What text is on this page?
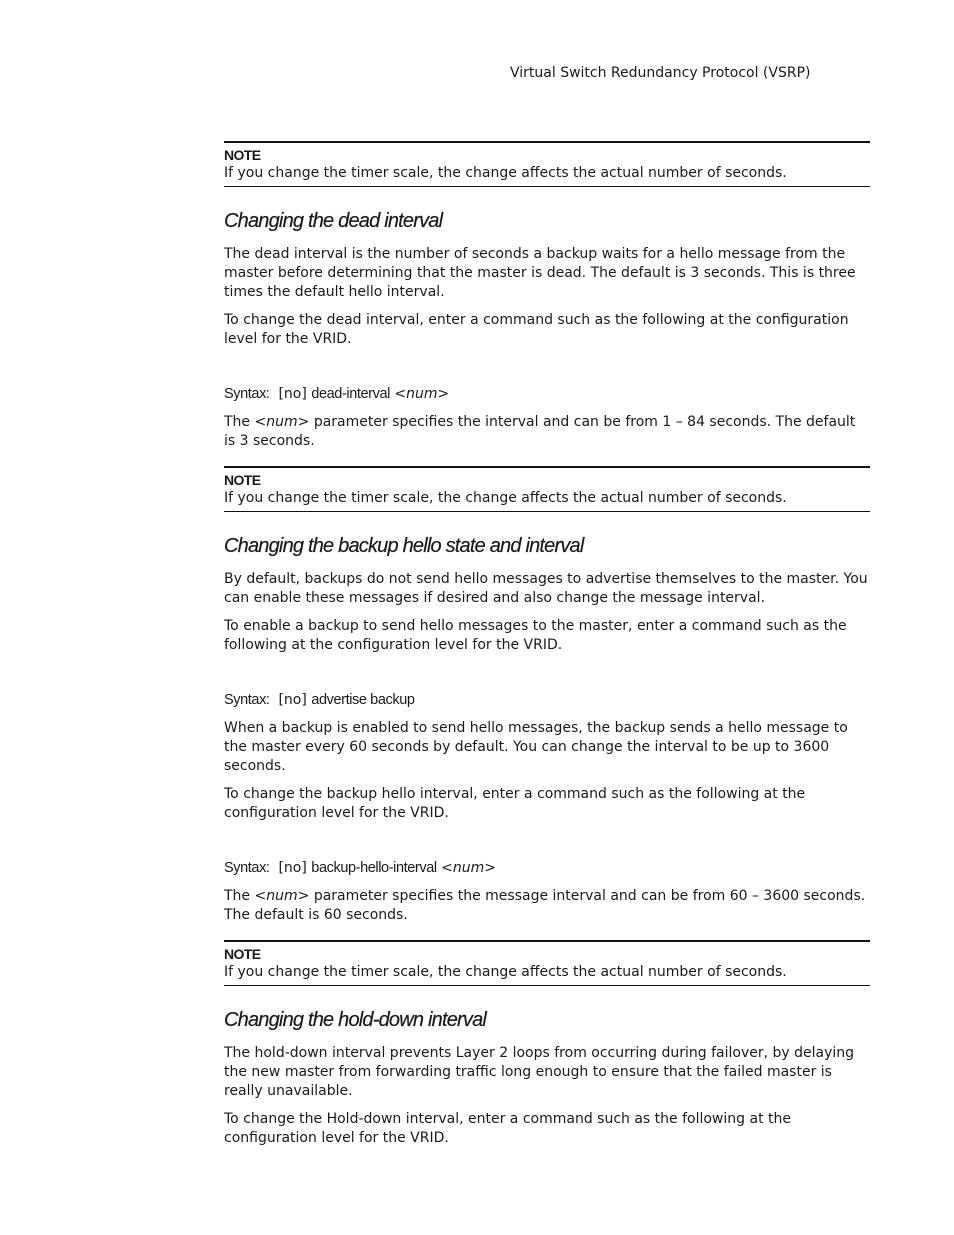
Virtual Switch Redundancy Protocol (VSRP)
NOTE
If you change the timer scale, the change affects the actual number of seconds.
Changing the dead interval

The dead interval is the number of seconds a backup waits for a hello message from the master before determining that the master is dead. The default is 3 seconds. This is three times the default hello interval.

To change the dead interval, enter a command such as the following at the configuration level for the VRID.

Syntax: [no] dead-interval <num>

The <num> parameter specifies the interval and can be from 1 – 84 seconds. The default is 3 seconds.

NOTE
If you change the timer scale, the change affects the actual number of seconds.
Changing the backup hello state and interval

By default, backups do not send hello messages to advertise themselves to the master. You can enable these messages if desired and also change the message interval.

To enable a backup to send hello messages to the master, enter a command such as the following at the configuration level for the VRID.

Syntax: [no] advertise backup

When a backup is enabled to send hello messages, the backup sends a hello message to the master every 60 seconds by default. You can change the interval to be up to 3600 seconds.

To change the backup hello interval, enter a command such as the following at the configuration level for the VRID.

Syntax: [no] backup-hello-interval <num>

The <num> parameter specifies the message interval and can be from 60 – 3600 seconds. The default is 60 seconds.

NOTE
If you change the timer scale, the change affects the actual number of seconds.
Changing the hold-down interval

The hold-down interval prevents Layer 2 loops from occurring during failover, by delaying the new master from forwarding traffic long enough to ensure that the failed master is really unavailable.

To change the Hold-down interval, enter a command such as the following at the configuration level for the VRID.
